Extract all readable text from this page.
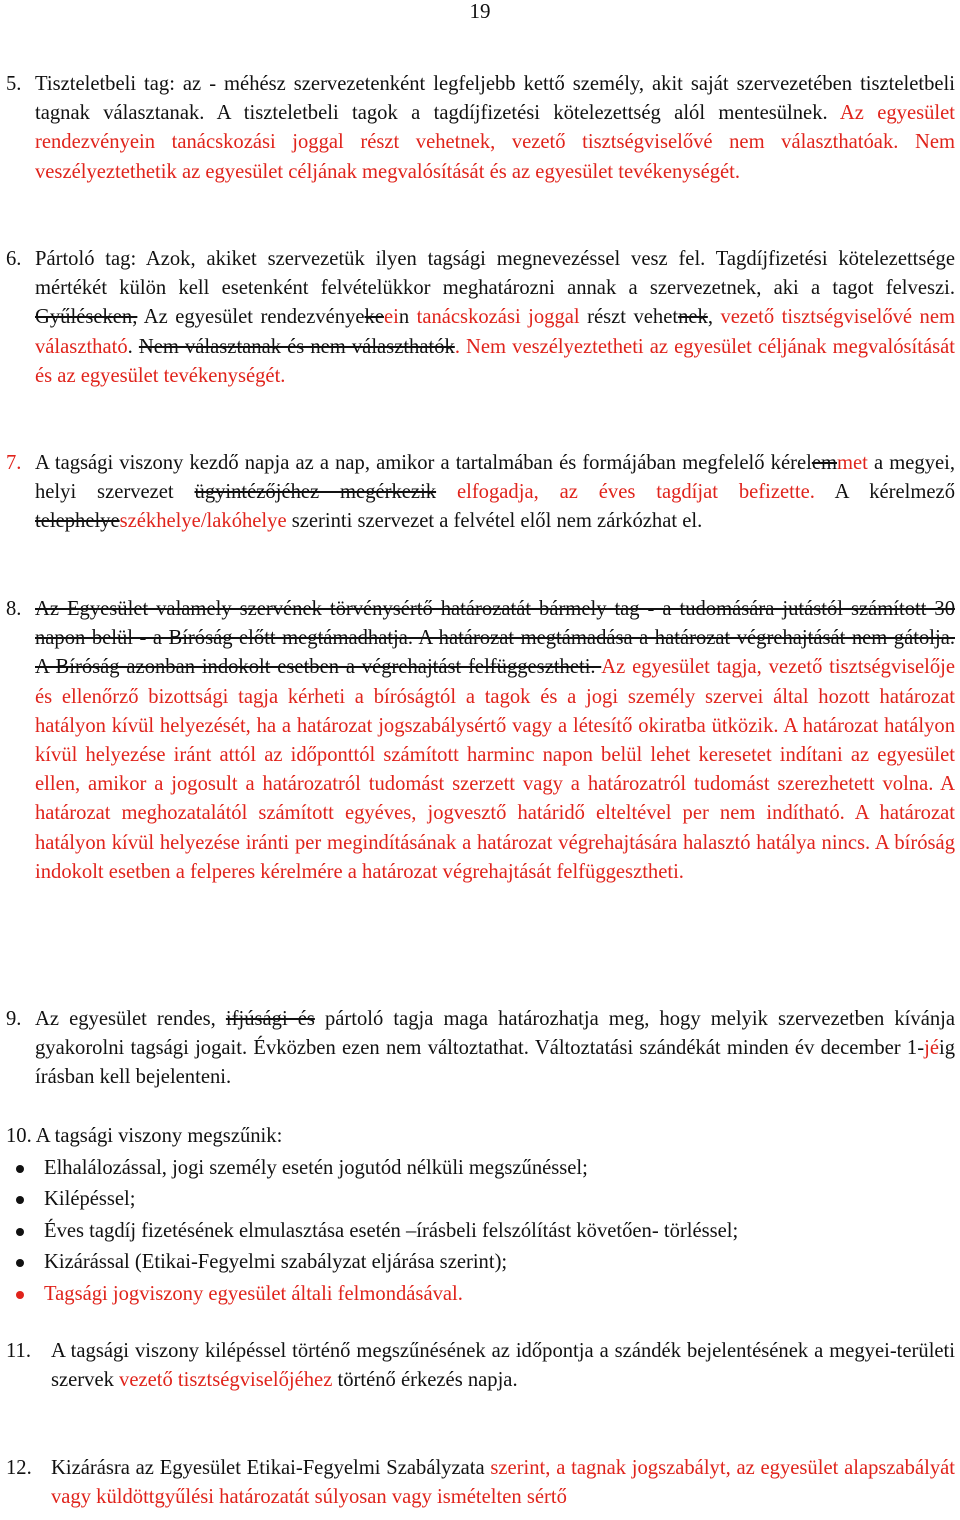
19
5. Tiszteletbeli tag: az - méhész szervezetenként legfeljebb kettő személy, akit saját szervezetében tiszteletbeli tagnak választanak. A tiszteletbeli tagok a tagdíjfizetési kötelezettség alól mentesülnek. Az egyesület rendezvényein tanácskozási joggal részt vehetnek, vezető tisztségviselővé nem választhatóak. Nem veszélyeztethetik az egyesület céljának megvalósítását és az egyesület tevékenységét.
6. Pártoló tag: Azok, akiket szervezetük ilyen tagsági megnevezéssel vesz fel. Tagdíjfizetési kötelezettsége mértékét külön kell esetenként felvételükkor meghatározni annak a szervezetnek, aki a tagot felveszi. Gyűléseken, Az egyesület rendezvényekeein tanácskozási joggal részt vehetnek, vezető tisztségviselővé nem választható. Nem választanak és nem választhatók. Nem veszélyeztetheti az egyesület céljának megvalósítását és az egyesület tevékenységét.
7. A tagsági viszony kezdő napja az a nap, amikor a tartalmában és formájában megfelelő kérelemmet a megyei, helyi szervezet ügyintézőjéhez megérkezik elfogadja, az éves tagdíjat befizette. A kérelmező telephelyeszékhelye/lakóhelye szerinti szervezet a felvétel elől nem zárkózhat el.
8. Az Egyesület valamely szervének törvénysértő határozatát bármely tag - a tudomására jutástól számított 30 napon belül - a Bíróság előtt megtámadhatja. A határozat megtámadása a határozat végrehajtását nem gátolja. A Bíróság azonban indokolt esetben a végrehajtást felfüggesztheti. Az egyesület tagja, vezető tisztségviselője és ellenőrző bizottsági tagja kérheti a bíróságtól a tagok és a jogi személy szervei által hozott határozat hatályon kívül helyezését, ha a határozat jogszabálysértő vagy a létesítő okiratba ütközik. A határozat hatályon kívül helyezése iránt attól az időponttól számított harminc napon belül lehet keresetet indítani az egyesület ellen, amikor a jogosult a határozatról tudomást szerzett vagy a határozatról tudomást szerezhetett volna. A határozat meghozatalától számított egyéves, jogvesztő határidő elteltével per nem indítható. A határozat hatályon kívül helyezése iránti per megindításának a határozat végrehajtására halasztó hatálya nincs. A bíróság indokolt esetben a felperes kérelmére a határozat végrehajtását felfüggesztheti.
9. Az egyesület rendes, ifjúsági és pártoló tagja maga határozhatja meg, hogy melyik szervezetben kívánja gyakorolni tagsági jogait. Évközben ezen nem változtathat. Változtatási szándékát minden év december 1-jéig írásban kell bejelenteni.
10. A tagsági viszony megszűnik:
Elhalálozással, jogi személy esetén jogutód nélküli megszűnéssel;
Kilépéssel;
Éves tagdíj fizetésének elmulasztása esetén –írásbeli felszólítást követően- törléssel;
Kizárással (Etikai-Fegyelmi szabályzat eljárása szerint);
Tagsági jogviszony egyesület általi felmondásával.
11. A tagsági viszony kilépéssel történő megszűnésének az időpontja a szándék bejelentésének a megyei-területi szervek vezető tisztségviselőjéhez történő érkezés napja.
12. Kizárásra az Egyesület Etikai-Fegyelmi Szabályzata szerint, a tagnak jogszabályt, az egyesület alapszabályát vagy küldöttgyűlési határozatát súlyosan vagy ismételten sértő
